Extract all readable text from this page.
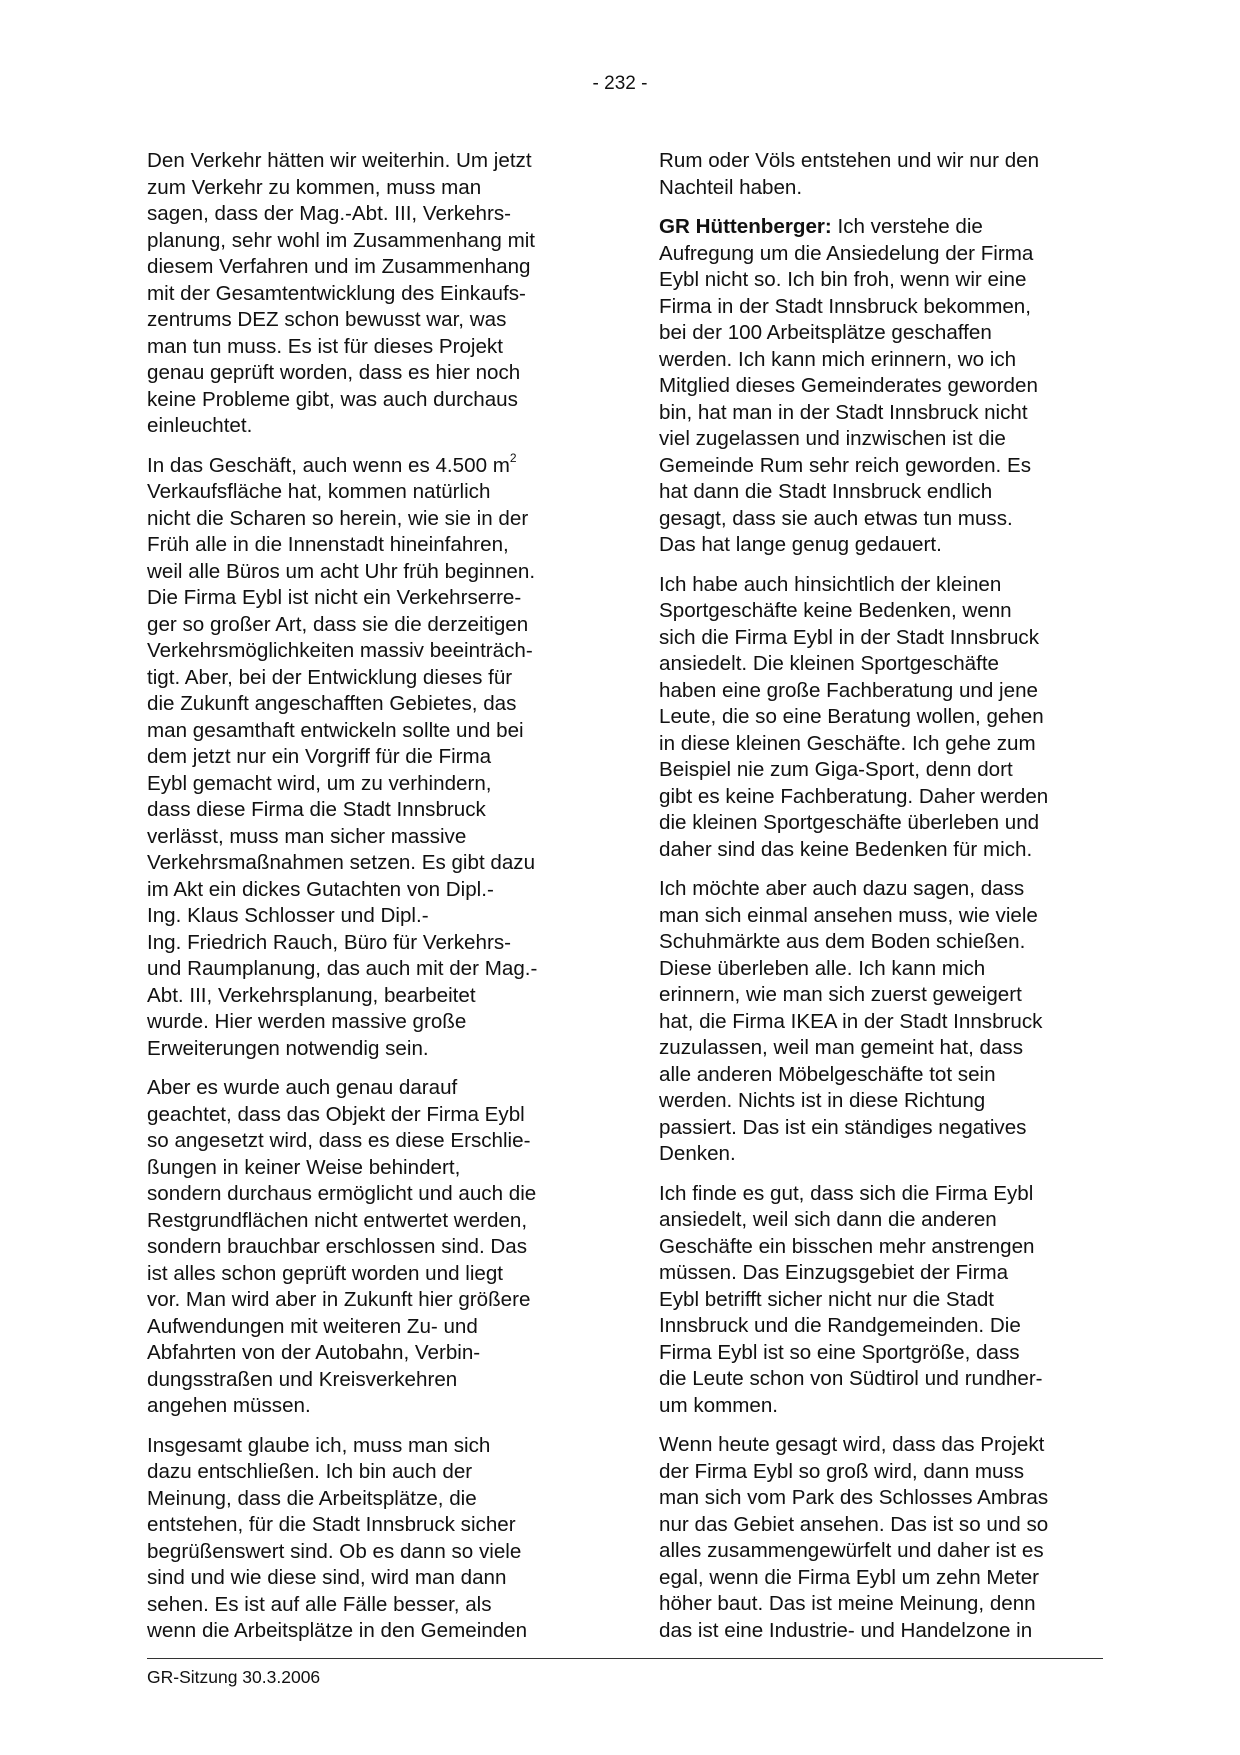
- 232 -

Den Verkehr hätten wir weiterhin. Um jetzt
zum Verkehr zu kommen, muss man
sagen, dass der Mag.-Abt. III, Verkehrs-
planung, sehr wohl im Zusammenhang mit
diesem Verfahren und im Zusammenhang
mit der Gesamtentwicklung des Einkaufs-
zentrums DEZ schon bewusst war, was
man tun muss. Es ist für dieses Projekt
genau geprüft worden, dass es hier noch
keine Probleme gibt, was auch durchaus
einleuchtet.

In das Geschäft, auch wenn es 4.500 $m^2$
Verkaufsfläche hat, kommen natürlich
nicht die Scharen so herein, wie sie in der
Früh alle in die Innenstadt hineinfahren,
weil alle Büros um acht Uhr früh beginnen.
Die Firma Eybl ist nicht ein Verkehrserre-
ger so großer Art, dass sie die derzeitigen
Verkehrsmöglichkeiten massiv beeinträch-
tigt. Aber, bei der Entwicklung dieses für
die Zukunft angeschafften Gebietes, das
man gesamthaft entwickeln sollte und bei
dem jetzt nur ein Vorgriff für die Firma
Eybl gemacht wird, um zu verhindern,
dass diese Firma die Stadt Innsbruck
verlässt, muss man sicher massive
Verkehrsmaßnahmen setzen. Es gibt dazu
im Akt ein dickes Gutachten von Dipl.-
Ing. Klaus Schlosser und Dipl.-
Ing. Friedrich Rauch, Büro für Verkehrs-
und Raumplanung, das auch mit der Mag.-
Abt. III, Verkehrsplanung, bearbeitet
wurde. Hier werden massive große
Erweiterungen notwendig sein.

Aber es wurde auch genau darauf
geachtet, dass das Objekt der Firma Eybl
so angesetzt wird, dass es diese Erschlie-
ßungen in keiner Weise behindert,
sondern durchaus ermöglicht und auch die
Restgrundflächen nicht entwertet werden,
sondern brauchbar erschlossen sind. Das
ist alles schon geprüft worden und liegt
vor. Man wird aber in Zukunft hier größere
Aufwendungen mit weiteren Zu- und
Abfahrten von der Autobahn, Verbin-
dungsstraßen und Kreisverkehren
angehen müssen.

Insgesamt glaube ich, muss man sich
dazu entschließen. Ich bin auch der
Meinung, dass die Arbeitsplätze, die
entstehen, für die Stadt Innsbruck sicher
begrüßenswert sind. Ob es dann so viele
sind und wie diese sind, wird man dann
sehen. Es ist auf alle Fälle besser, als
wenn die Arbeitsplätze in den Gemeinden

Rum oder Völs entstehen und wir nur den
Nachteil haben.

GR Hüttenberger: Ich verstehe die
Aufregung um die Ansiedelung der Firma
Eybl nicht so. Ich bin froh, wenn wir eine
Firma in der Stadt Innsbruck bekommen,
bei der 100 Arbeitsplätze geschaffen
werden. Ich kann mich erinnern, wo ich
Mitglied dieses Gemeinderates geworden
bin, hat man in der Stadt Innsbruck nicht
viel zugelassen und inzwischen ist die
Gemeinde Rum sehr reich geworden. Es
hat dann die Stadt Innsbruck endlich
gesagt, dass sie auch etwas tun muss.
Das hat lange genug gedauert.

Ich habe auch hinsichtlich der kleinen
Sportgeschäfte keine Bedenken, wenn
sich die Firma Eybl in der Stadt Innsbruck
ansiedelt. Die kleinen Sportgeschäfte
haben eine große Fachberatung und jene
Leute, die so eine Beratung wollen, gehen
in diese kleinen Geschäfte. Ich gehe zum
Beispiel nie zum Giga-Sport, denn dort
gibt es keine Fachberatung. Daher werden
die kleinen Sportgeschäfte überleben und
daher sind das keine Bedenken für mich.

Ich möchte aber auch dazu sagen, dass
man sich einmal ansehen muss, wie viele
Schuhmärkte aus dem Boden schießen.
Diese überleben alle. Ich kann mich
erinnern, wie man sich zuerst geweigert
hat, die Firma IKEA in der Stadt Innsbruck
zuzulassen, weil man gemeint hat, dass
alle anderen Möbelgeschäfte tot sein
werden. Nichts ist in diese Richtung
passiert. Das ist ein ständiges negatives
Denken.

Ich finde es gut, dass sich die Firma Eybl
ansiedelt, weil sich dann die anderen
Geschäfte ein bisschen mehr anstrengen
müssen. Das Einzugsgebiet der Firma
Eybl betrifft sicher nicht nur die Stadt
Innsbruck und die Randgemeinden. Die
Firma Eybl ist so eine Sportgröße, dass
die Leute schon von Südtirol und rundher-
um kommen.

Wenn heute gesagt wird, dass das Projekt
der Firma Eybl so groß wird, dann muss
man sich vom Park des Schlosses Ambras
nur das Gebiet ansehen. Das ist so und so
alles zusammengewürfelt und daher ist es
egal, wenn die Firma Eybl um zehn Meter
höher baut. Das ist meine Meinung, denn
das ist eine Industrie- und Handelzone in

GR-Sitzung 30.3.2006
